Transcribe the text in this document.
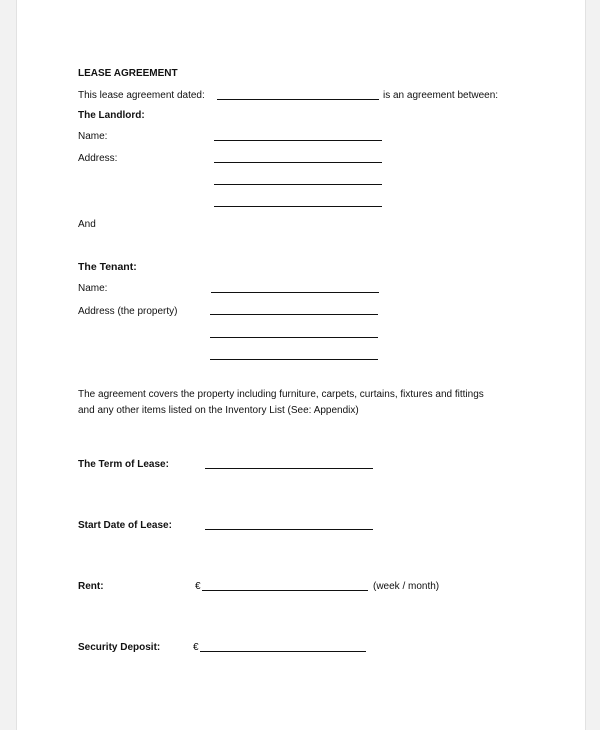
LEASE AGREEMENT
This lease agreement dated:	is an agreement between:
The Landlord:
Name:
Address:
And
The Tenant:
Name:
Address (the property)
The agreement covers the property including furniture, carpets, curtains, fixtures and fittings
and any other items listed on the Inventory List (See: Appendix)
The Term of Lease:
Start Date of Lease:
Rent:	€	(week / month)
Security Deposit:	€
